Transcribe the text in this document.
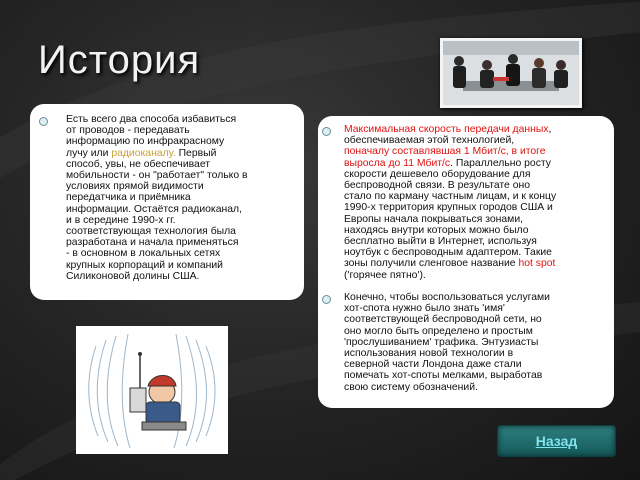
История
Есть всего два способа избавиться
от проводов - передавать
информацию по инфракрасному
лучу или радиоканалу. Первый
способ, увы, не обеспечивает
мобильности - он "работает" только в
условиях прямой видимости
передатчика и приёмника
информации. Остаётся радиоканал,
и в середине 1990-х гг.
соответствующая технология была
разработана и начала применяться
- в основном в локальных сетях
крупных корпораций и компаний
Силиконовой долины США.
Максимальная скорость передачи данных,
обеспечиваемая этой технологией,
поначалу составлявшая 1 Мбит/с, в итоге
выросла до 11 Мбит/с. Параллельно росту
скорости дешевело оборудование для
беспроводной связи. В результате оно
стало по карману частным лицам, и к концу
1990-х территория крупных городов США и
Европы начала покрываться зонами,
находясь внутри которых можно было
бесплатно выйти в Интернет, используя
ноутбук с беспроводным адаптером. Такие
зоны получили сленговое название hot spot
('горячее пятно').
Конечно, чтобы воспользоваться услугами
хот-спота нужно было знать 'имя'
соответствующей беспроводной сети, но
оно могло быть определено и простым
'прослушиванием' трафика. Энтузиасты
использования новой технологии в
северной части Лондона даже стали
помечать хот-споты мелками, выработав
свою систему обозначений.
Назад
